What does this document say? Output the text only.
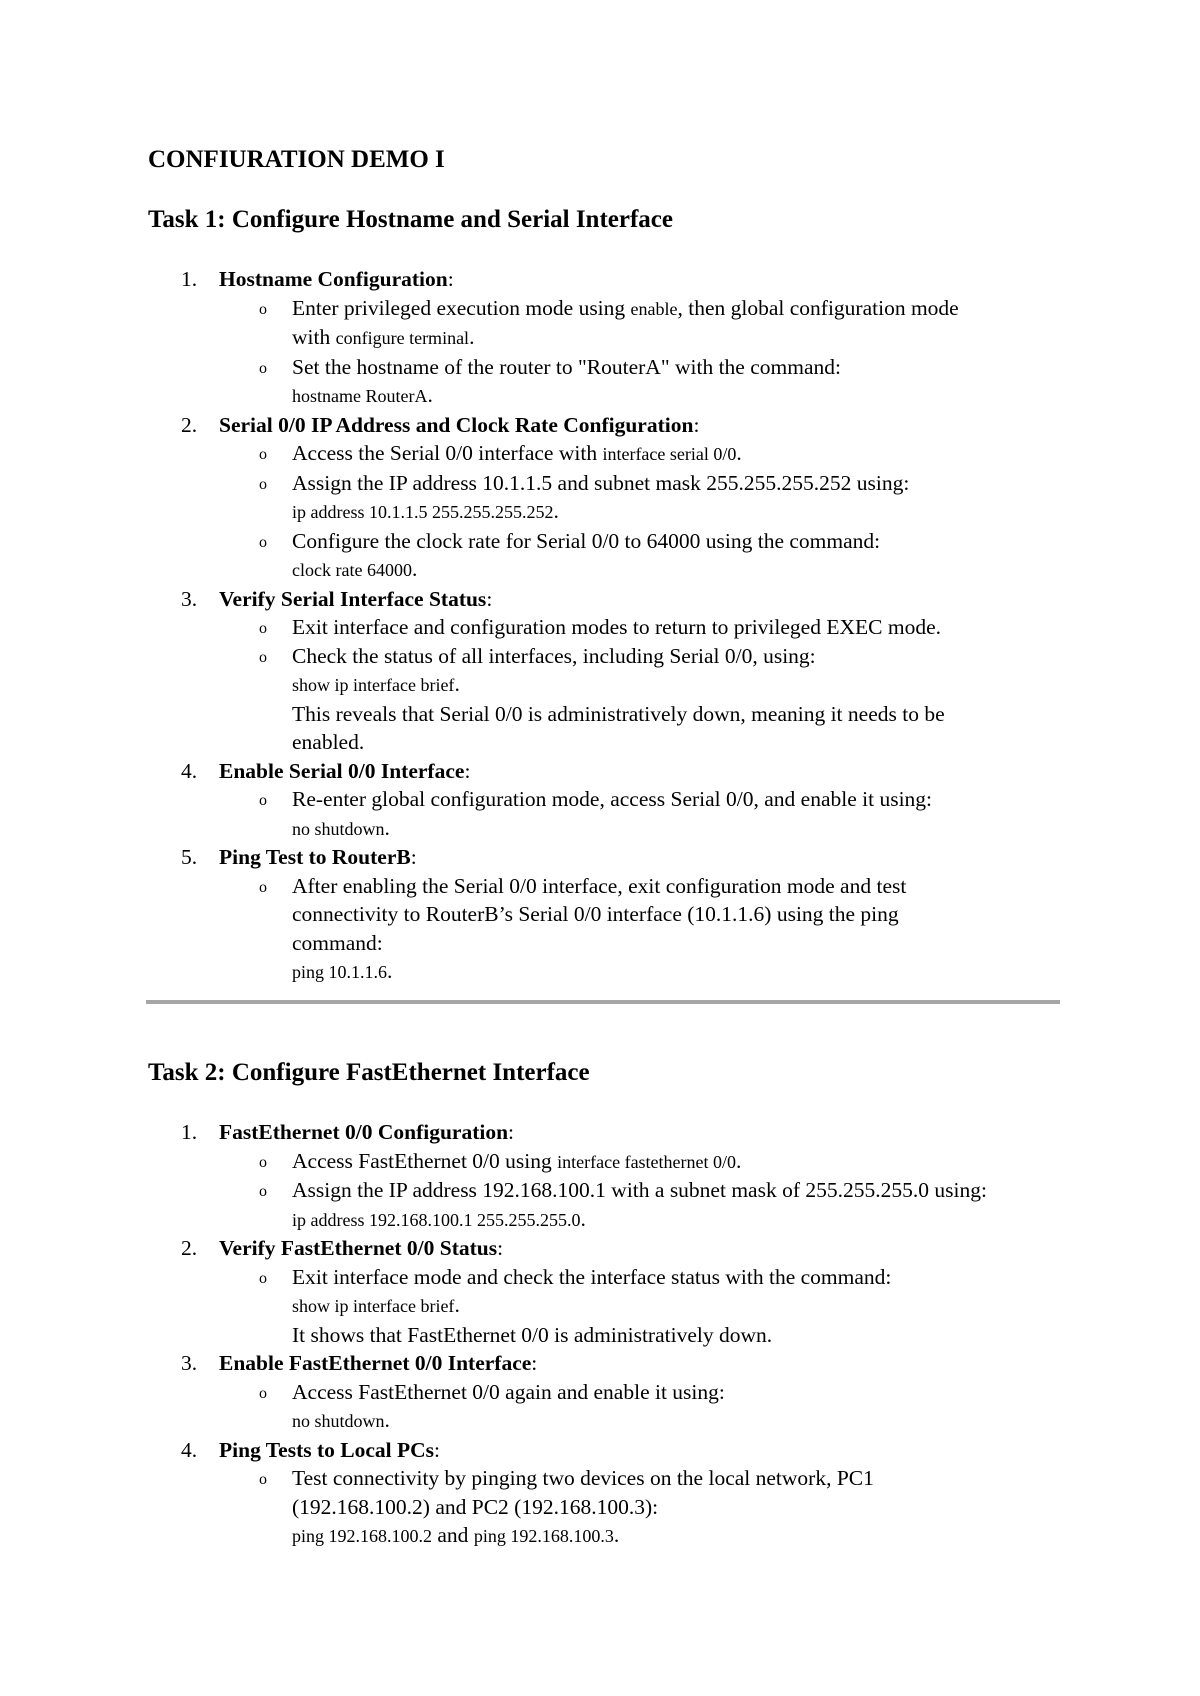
CONFIURATION DEMO I
Task 1: Configure Hostname and Serial Interface
1. Hostname Configuration:
o Enter privileged execution mode using enable, then global configuration mode
with configure terminal.
o Set the hostname of the router to "RouterA" with the command:
hostname RouterA.
2. Serial 0/0 IP Address and Clock Rate Configuration:
o Access the Serial 0/0 interface with interface serial 0/0.
o Assign the IP address 10.1.1.5 and subnet mask 255.255.255.252 using:
ip address 10.1.1.5 255.255.255.252.
o Configure the clock rate for Serial 0/0 to 64000 using the command:
clock rate 64000.
3. Verify Serial Interface Status:
o Exit interface and configuration modes to return to privileged EXEC mode.
o Check the status of all interfaces, including Serial 0/0, using:
show ip interface brief.
This reveals that Serial 0/0 is administratively down, meaning it needs to be
enabled.
4. Enable Serial 0/0 Interface:
o Re-enter global configuration mode, access Serial 0/0, and enable it using:
no shutdown.
5. Ping Test to RouterB:
o After enabling the Serial 0/0 interface, exit configuration mode and test
connectivity to RouterB’s Serial 0/0 interface (10.1.1.6) using the ping
command:
ping 10.1.1.6.
Task 2: Configure FastEthernet Interface
1. FastEthernet 0/0 Configuration:
o Access FastEthernet 0/0 using interface fastethernet 0/0.
o Assign the IP address 192.168.100.1 with a subnet mask of 255.255.255.0 using:
ip address 192.168.100.1 255.255.255.0.
2. Verify FastEthernet 0/0 Status:
o Exit interface mode and check the interface status with the command:
show ip interface brief.
It shows that FastEthernet 0/0 is administratively down.
3. Enable FastEthernet 0/0 Interface:
o Access FastEthernet 0/0 again and enable it using:
no shutdown.
4. Ping Tests to Local PCs:
o Test connectivity by pinging two devices on the local network, PC1
(192.168.100.2) and PC2 (192.168.100.3):
ping 192.168.100.2 and ping 192.168.100.3.
